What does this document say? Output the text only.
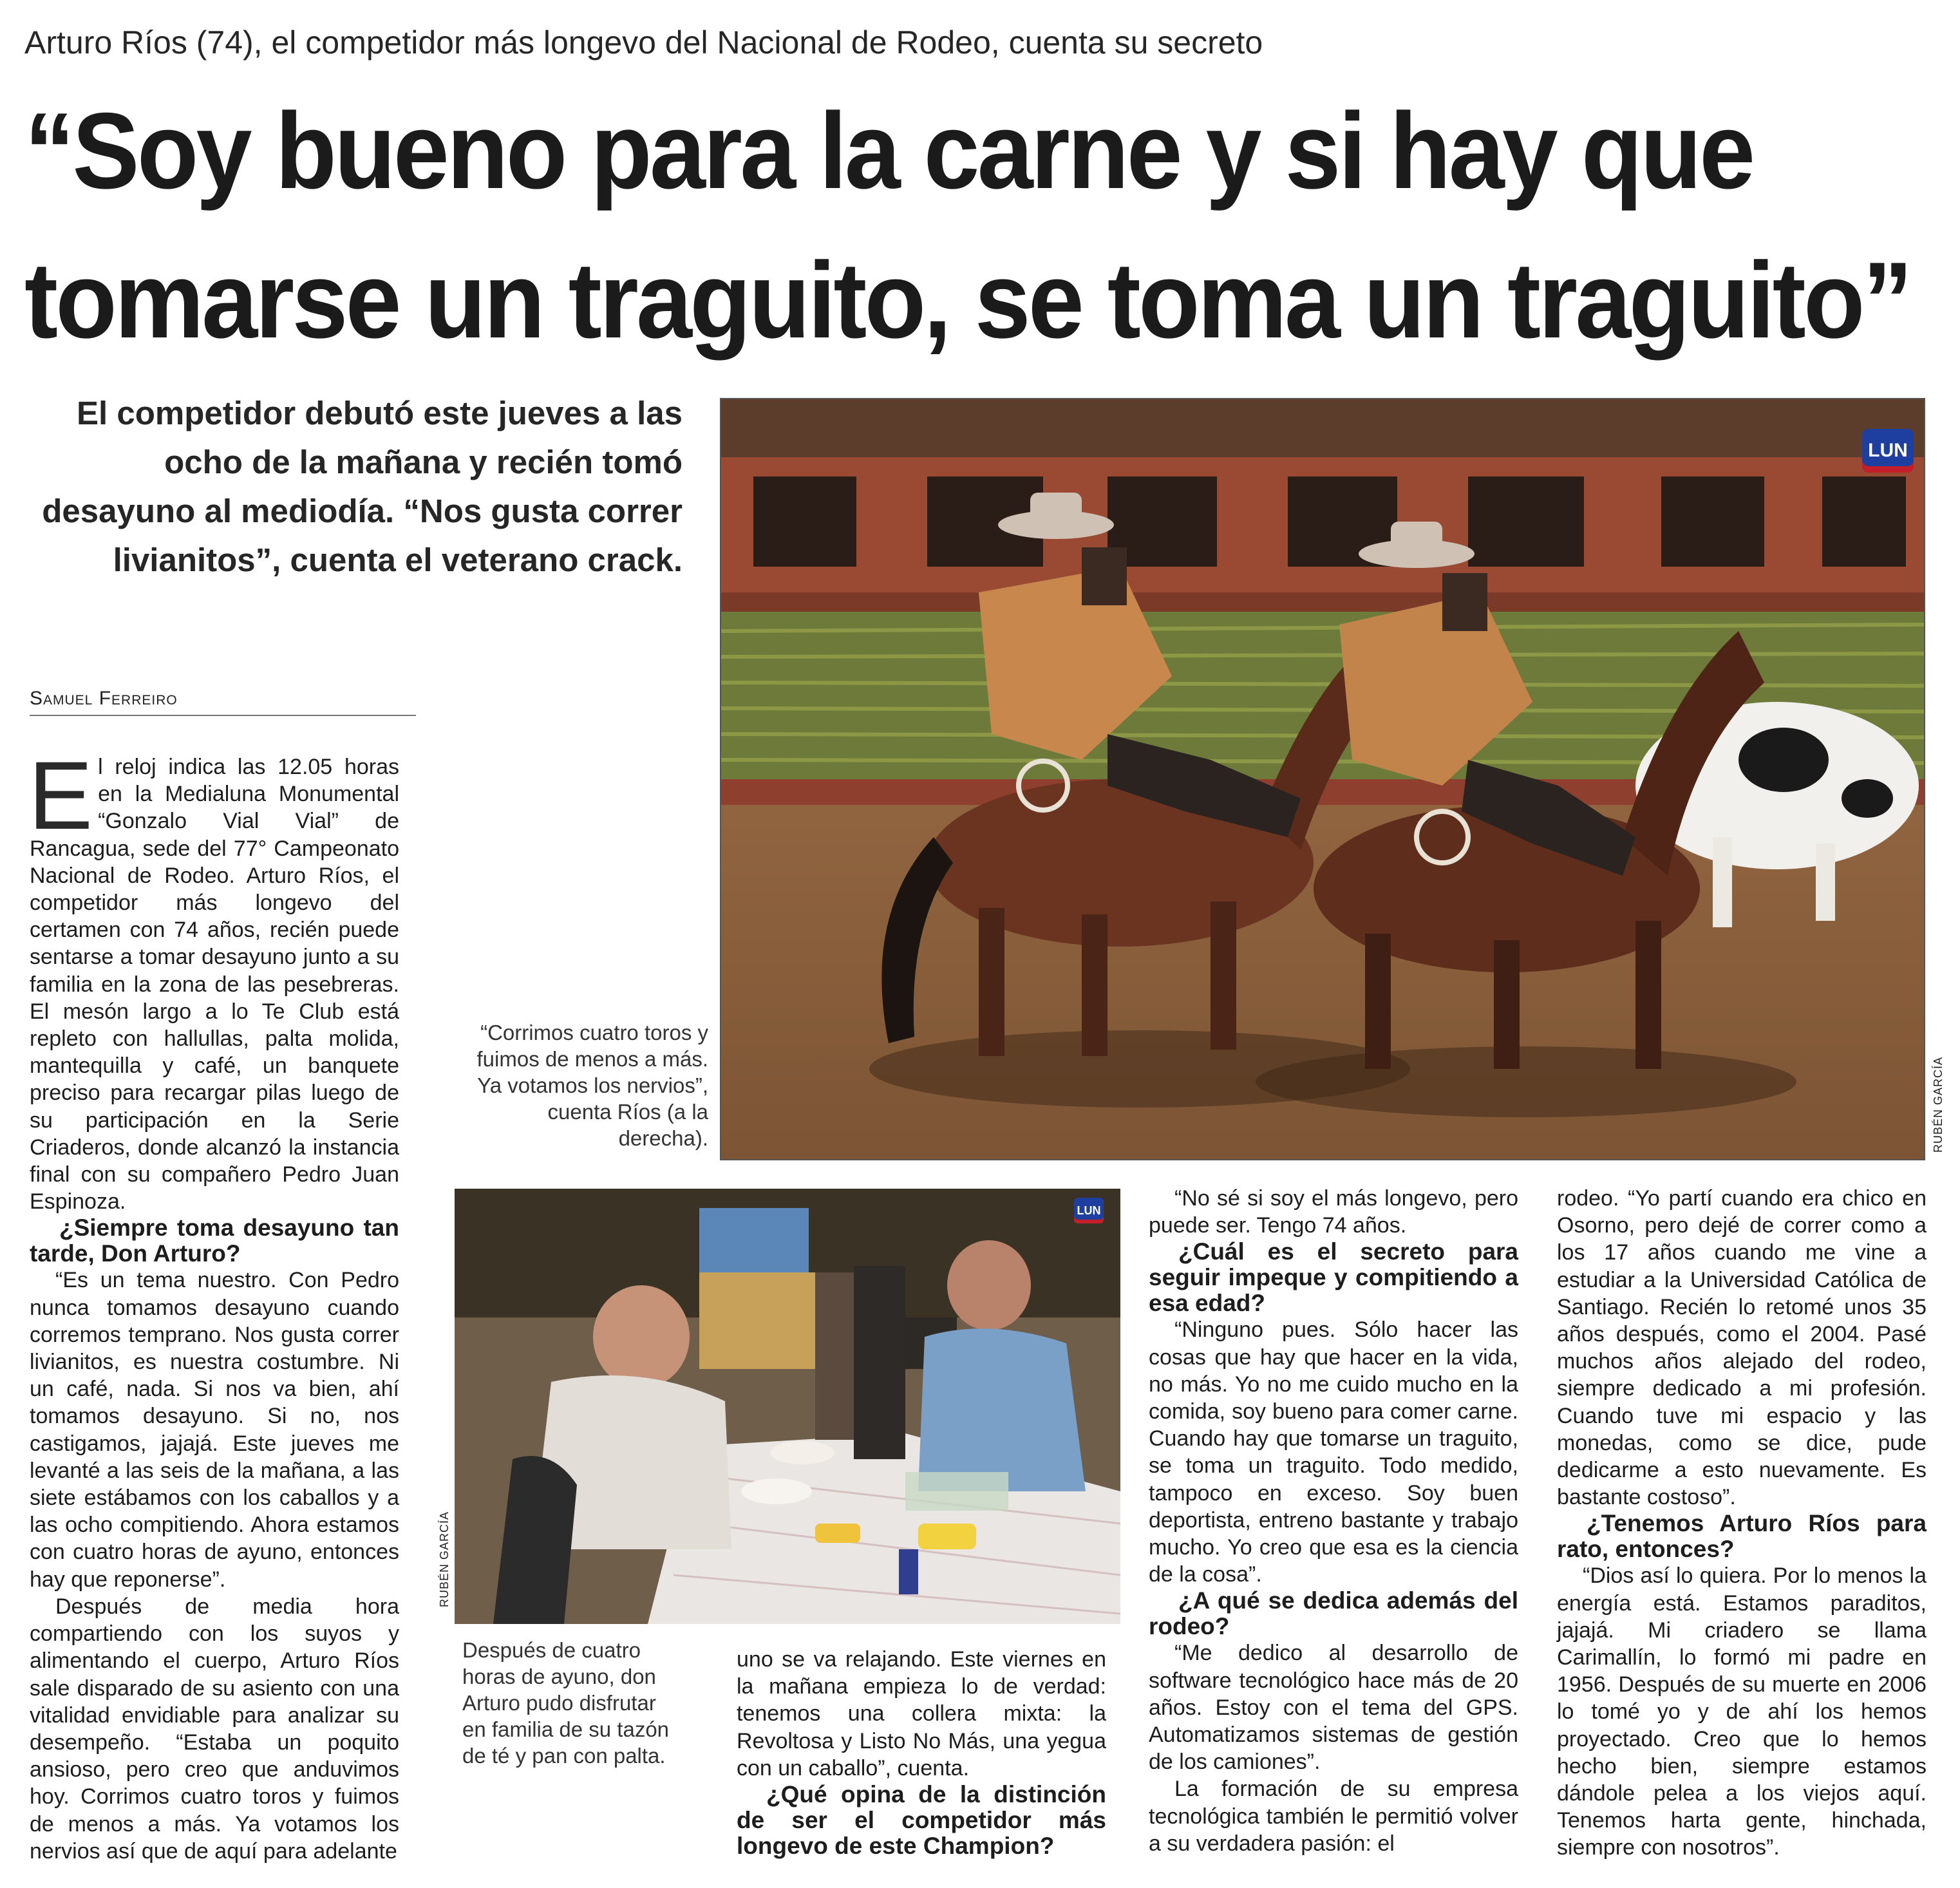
Arturo Ríos (74), el competidor más longevo del Nacional de Rodeo, cuenta su secreto
“Soy bueno para la carne y si hay que
tomarse un traguito, se toma un traguito”
El competidor debutó este jueves a las ocho de la mañana y recién tomó desayuno al mediodía. “Nos gusta correr livianitos”, cuenta el veterano crack.
Samuel Ferreiro
LUN
RUBÉN GARCÍA
“Corrimos cuatro toros y fuimos de menos a más. Ya votamos los nervios”, cuenta Ríos (a la derecha).
LUN
RUBÉN GARCÍA
Después de cuatro horas de ayuno, don Arturo pudo disfrutar en familia de su tazón de té y pan con palta.

El reloj indica las 12.05 horas en la Medialuna Monumental “Gonzalo Vial Vial” de Rancagua, sede del 77° Campeonato Nacional de Rodeo. Arturo Ríos, el competidor más longevo del certamen con 74 años, recién puede sentarse a tomar desayuno junto a su familia en la zona de las pesebreras. El mesón largo a lo Te Club está repleto con hallullas, palta molida, mantequilla y café, un banquete preciso para recargar pilas luego de su participación en la Serie Criaderos, donde alcanzó la instancia final con su compañero Pedro Juan Espinoza.

¿Siempre toma desayuno tan tarde, Don Arturo?

“Es un tema nuestro. Con Pedro nunca tomamos desayuno cuando corremos temprano. Nos gusta correr livianitos, es nuestra costumbre. Ni un café, nada. Si nos va bien, ahí tomamos desayuno. Si no, nos castigamos, jajajá. Este jueves me levanté a las seis de la mañana, a las siete estábamos con los caballos y a las ocho compitiendo. Ahora estamos con cuatro horas de ayuno, entonces hay que reponerse”.

Después de media hora compartiendo con los suyos y alimentando el cuerpo, Arturo Ríos sale disparado de su asiento con una vitalidad envidiable para analizar su desempeño. “Estaba un poquito ansioso, pero creo que anduvimos hoy. Corrimos cuatro toros y fuimos de menos a más. Ya votamos los nervios así que de aquí para adelante

uno se va relajando. Este viernes en la mañana empieza lo de verdad: tenemos una collera mixta: la Revoltosa y Listo No Más, una yegua con un caballo”, cuenta.

¿Qué opina de la distinción de ser el competidor más longevo de este Champion?

“No sé si soy el más longevo, pero puede ser. Tengo 74 años.

¿Cuál es el secreto para seguir impeque y compitiendo a esa edad?

“Ninguno pues. Sólo hacer las cosas que hay que hacer en la vida, no más. Yo no me cuido mucho en la comida, soy bueno para comer carne. Cuando hay que tomarse un traguito, se toma un traguito. Todo medido, tampoco en exceso. Soy buen deportista, entreno bastante y trabajo mucho. Yo creo que esa es la ciencia de la cosa”.

¿A qué se dedica además del rodeo?

“Me dedico al desarrollo de software tecnológico hace más de 20 años. Estoy con el tema del GPS. Automatizamos sistemas de gestión de los camiones”.

La formación de su empresa tecnológica también le permitió volver a su verdadera pasión: el

rodeo. “Yo partí cuando era chico en Osorno, pero dejé de correr como a los 17 años cuando me vine a estudiar a la Universidad Católica de Santiago. Recién lo retomé unos 35 años después, como el 2004. Pasé muchos años alejado del rodeo, siempre dedicado a mi profesión. Cuando tuve mi espacio y las monedas, como se dice, pude dedicarme a esto nuevamente. Es bastante costoso”.

¿Tenemos Arturo Ríos para rato, entonces?

“Dios así lo quiera. Por lo menos la energía está. Estamos paraditos, jajajá. Mi criadero se llama Carimallín, lo formó mi padre en 1956. Después de su muerte en 2006 lo tomé yo y de ahí los hemos proyectado. Creo que lo hemos hecho bien, siempre estamos dándole pelea a los viejos aquí. Tenemos harta gente, hinchada, siempre con nosotros”.
